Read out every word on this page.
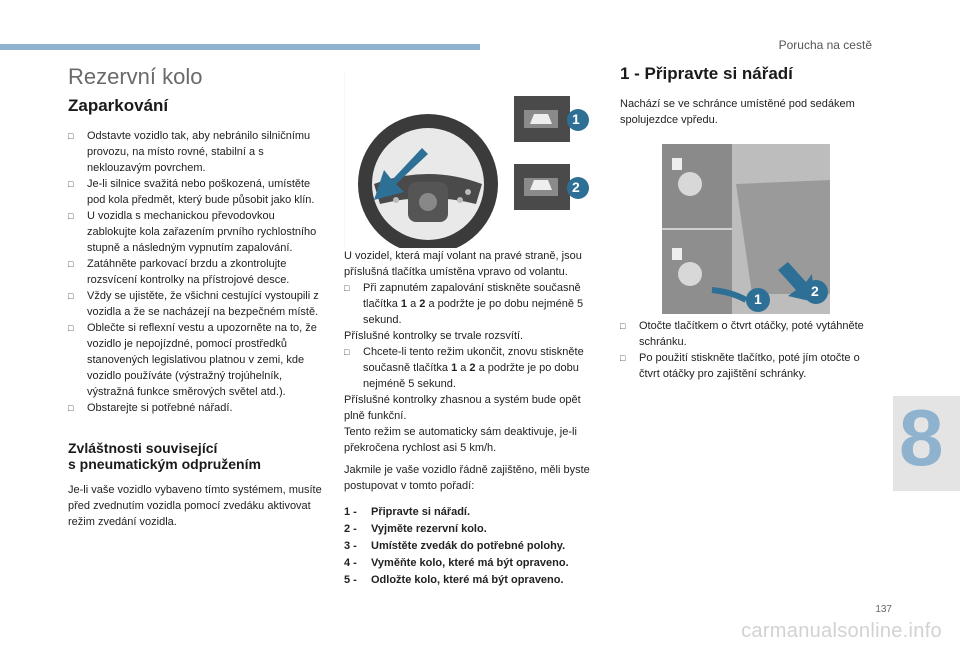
Porucha na cestě
8
137
carmanualsonline.info
Rezervní kolo
Zaparkování
□ Odstavte vozidlo tak, aby nebránilo silničnímu provozu, na místo rovné, stabilní a s neklouzavým povrchem.
□ Je-li silnice svažitá nebo poškozená, umístěte pod kola předmět, který bude působit jako klín.
□ U vozidla s mechanickou převodovkou zablokujte kola zařazením prvního rychlostního stupně a následným vypnutím zapalování.
□ Zatáhněte parkovací brzdu a zkontrolujte rozsvícení kontrolky na přístrojové desce.
□ Vždy se ujistěte, že všichni cestující vystoupili z vozidla a že se nacházejí na bezpečném místě.
□ Oblečte si reflexní vestu a upozorněte na to, že vozidlo je nepojízdné, pomocí prostředků stanovených legislativou platnou v zemi, kde vozidlo používáte (výstražný trojúhelník, výstražná funkce směrových světel atd.).
□ Obstarejte si potřebné nářadí.
Zvláštnosti související
s pneumatickým odpružením

Je-li vaše vozidlo vybaveno tímto systémem, musíte před zvednutím vozidla pomocí zvedáku aktivovat režim zvedání vozidla.

1
2

U vozidel, která mají volant na pravé straně, jsou příslušná tlačítka umístěna vpravo od volantu.

□ Při zapnutém zapalování stiskněte současně tlačítka 1 a 2 a podržte je po dobu nejméně 5 sekund.

Příslušné kontrolky se trvale rozsvítí.

□ Chcete-li tento režim ukončit, znovu stiskněte současně tlačítka 1 a 2 a podržte je po dobu nejméně 5 sekund.

Příslušné kontrolky zhasnou a systém bude opět plně funkční.

Tento režim se automaticky sám deaktivuje, je-li překročena rychlost asi 5 km/h.

Jakmile je vaše vozidlo řádně zajištěno, měli byste postupovat v tomto pořadí:

1 - Připravte si nářadí.
2 - Vyjměte rezervní kolo.
3 - Umístěte zvedák do potřebné polohy.
4 - Vyměňte kolo, které má být opraveno.
5 - Odložte kolo, které má být opraveno.
1 - Připravte si nářadí

Nachází se ve schránce umístěné pod sedákem spolujezdce vpředu.

1	2
□ Otočte tlačítkem o čtvrt otáčky, poté vytáhněte schránku.
□ Po použití stiskněte tlačítko, poté jím otočte o čtvrt otáčky pro zajištění schránky.
